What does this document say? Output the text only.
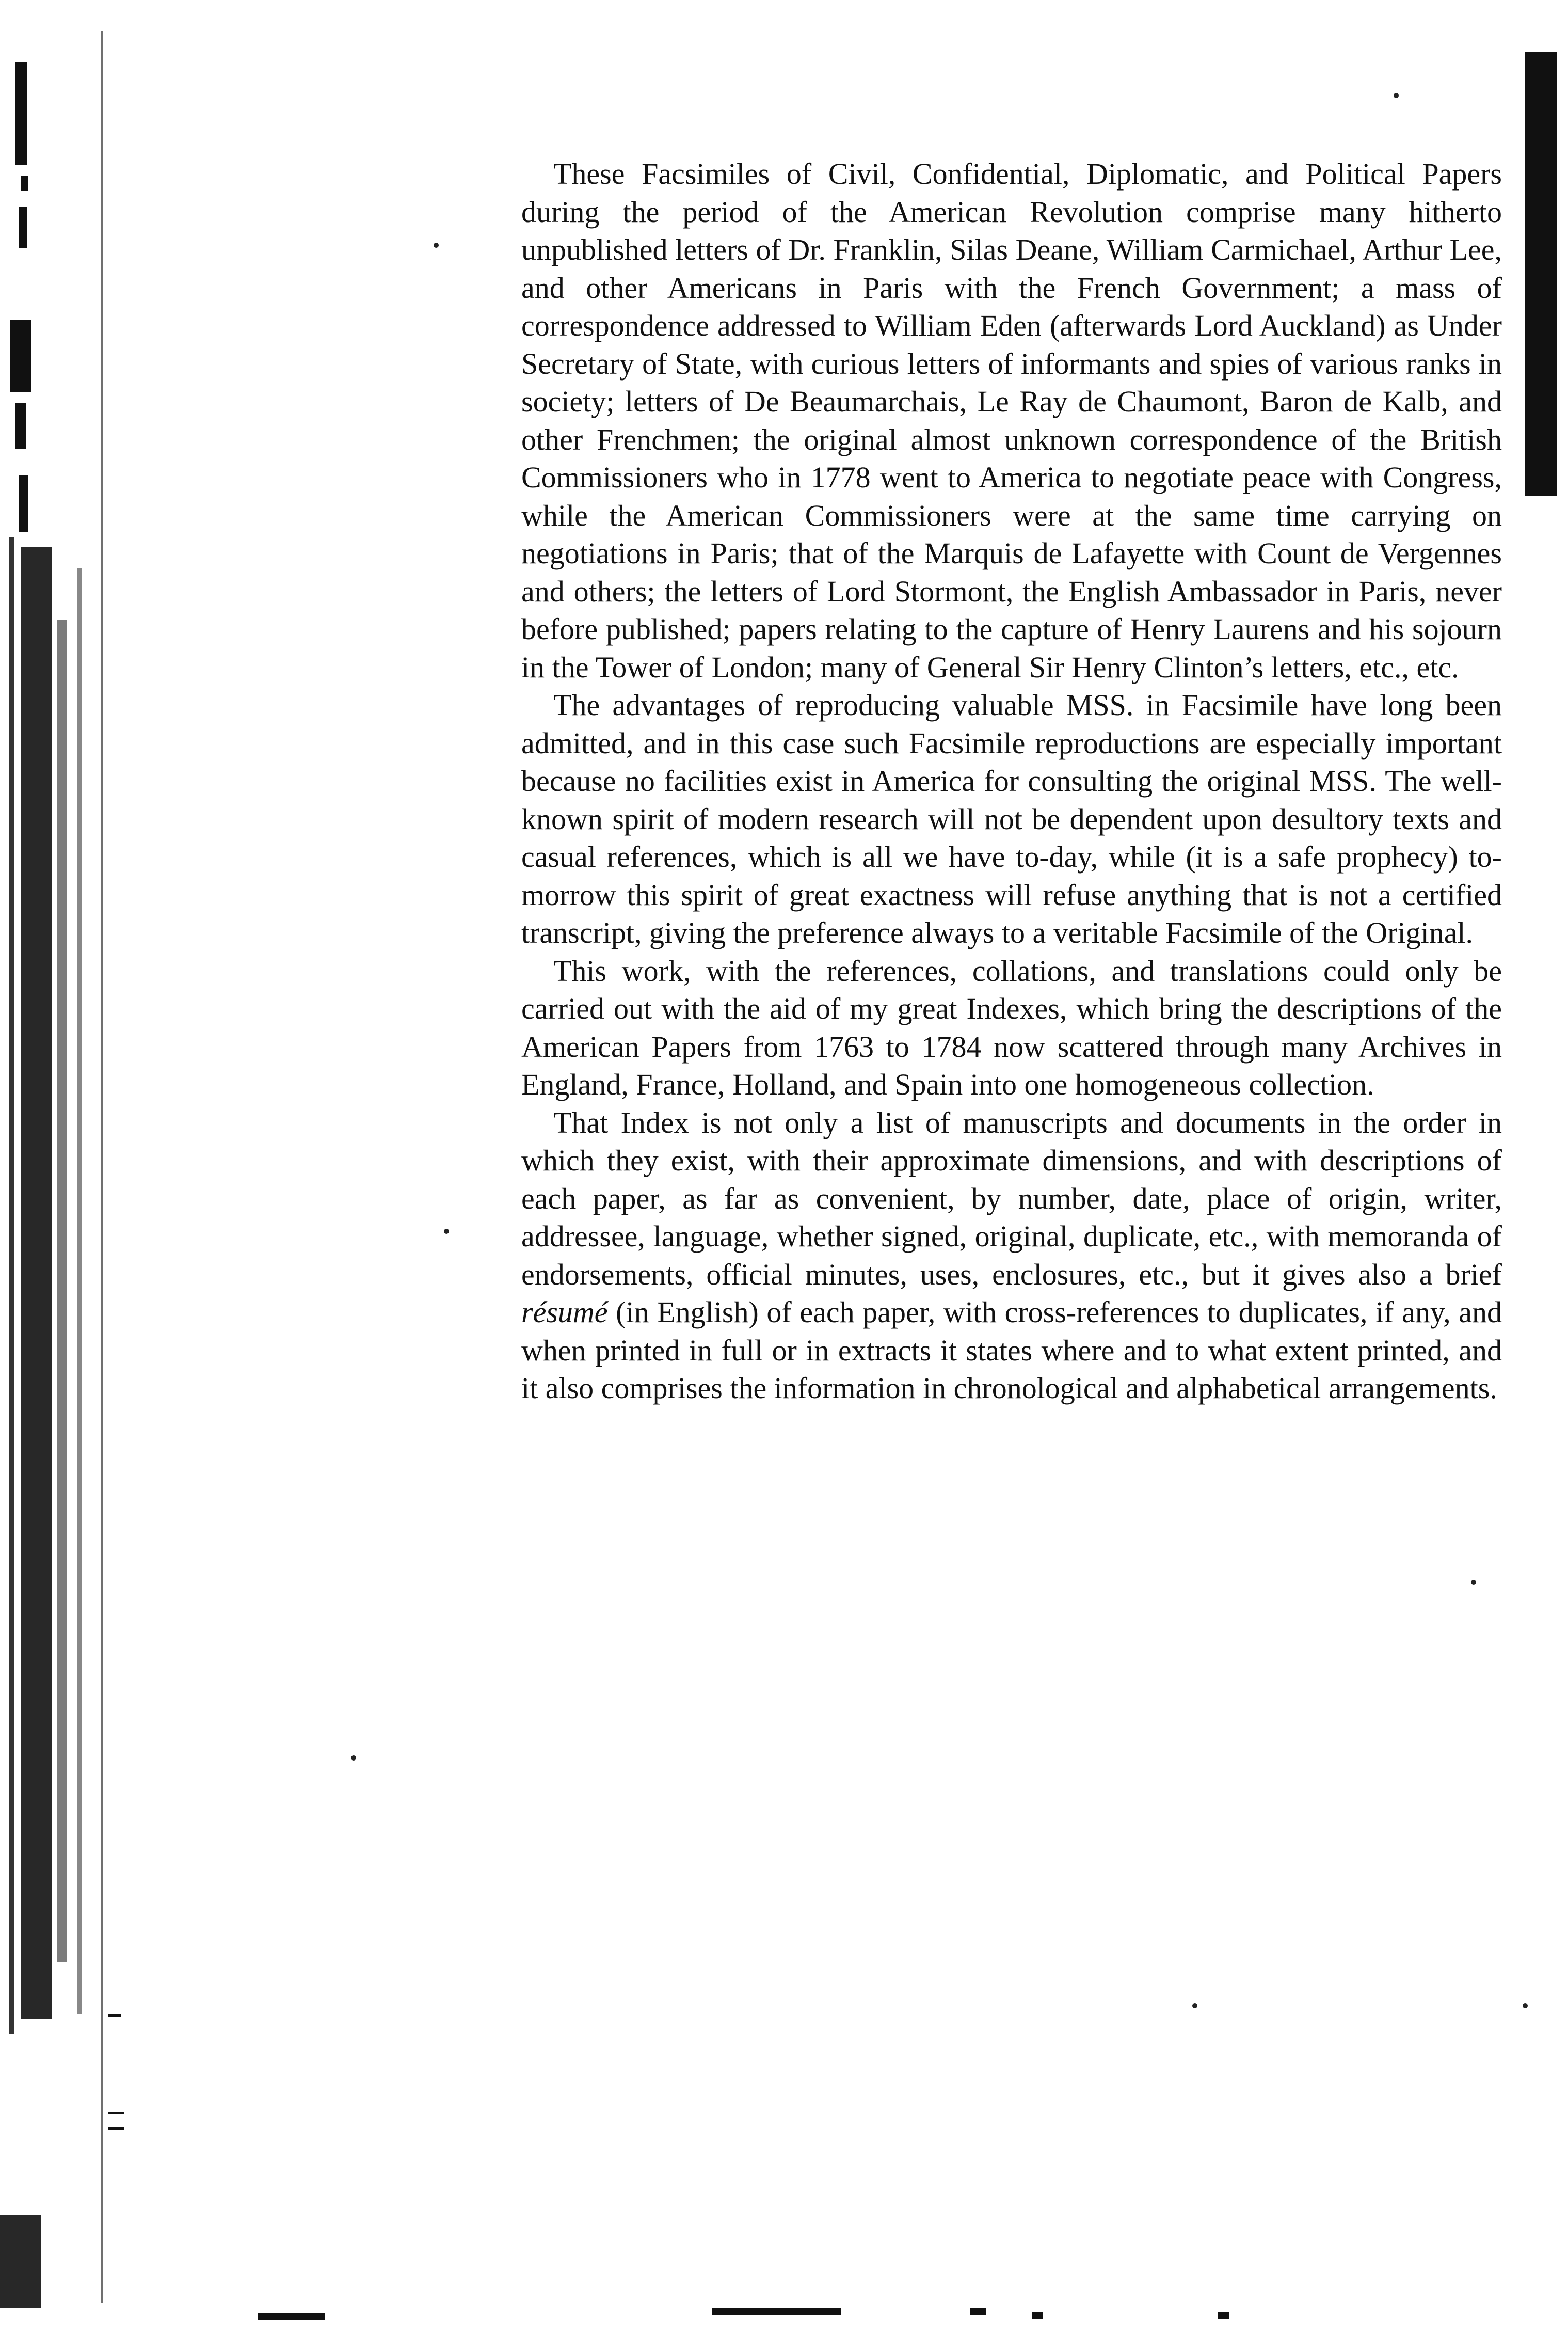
These Facsimiles of Civil, Confidential, Diplomatic, and Political Papers during the period of the American Revolution comprise many hitherto unpublished letters of Dr. Franklin, Silas Deane, William Carmichael, Arthur Lee, and other Americans in Paris with the French Government; a mass of correspondence addressed to William Eden (afterwards Lord Auckland) as Under Secretary of State, with curious letters of informants and spies of various ranks in society; letters of De Beaumarchais, Le Ray de Chaumont, Baron de Kalb, and other Frenchmen; the original almost unknown correspondence of the British Commissioners who in 1778 went to America to negotiate peace with Congress, while the American Commissioners were at the same time carrying on negotiations in Paris; that of the Marquis de Lafayette with Count de Vergennes and others; the letters of Lord Stormont, the English Ambassador in Paris, never before published; papers relating to the capture of Henry Laurens and his sojourn in the Tower of London; many of General Sir Henry Clinton’s letters, etc., etc.

The advantages of reproducing valuable MSS. in Facsimile have long been admitted, and in this case such Facsimile reproductions are especially important because no facilities exist in America for consulting the original MSS. The well-known spirit of modern research will not be dependent upon desultory texts and casual references, which is all we have to-day, while (it is a safe prophecy) to-morrow this spirit of great exactness will refuse anything that is not a certified transcript, giving the preference always to a veritable Facsimile of the Original.

This work, with the references, collations, and translations could only be carried out with the aid of my great Indexes, which bring the descriptions of the American Papers from 1763 to 1784 now scattered through many Archives in England, France, Holland, and Spain into one homogeneous collection.

That Index is not only a list of manuscripts and documents in the order in which they exist, with their approximate dimensions, and with descriptions of each paper, as far as convenient, by number, date, place of origin, writer, addressee, language, whether signed, original, duplicate, etc., with memoranda of endorsements, official minutes, uses, enclosures, etc., but it gives also a brief résumé (in English) of each paper, with cross-references to duplicates, if any, and when printed in full or in extracts it states where and to what extent printed, and it also comprises the information in chronological and alphabetical arrangements.
